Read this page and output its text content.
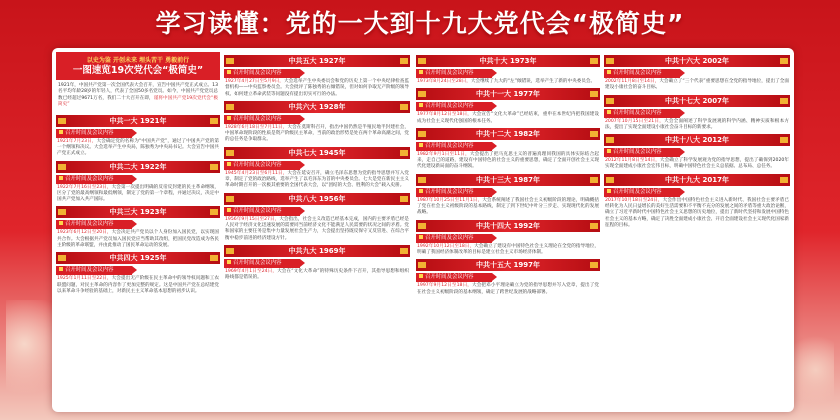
学习读懂：党的一大到十九大党代会“极简史”
以史为鉴 开创未来 埋头苦干 勇毅前行
一图速览19次党代会“极简史”
1921年，中国共产党第一次全国代表大会召开，宣告中国共产党正式成立。13名平均年龄28岁的年轻人，代表了全国50多名党员。如今，中国共产党党员总数已经超过9671万名，我们二十大召开在即，谨将中国共产党19次党代会“极简史”
中共一大 1921年
召开时间及会议内容
1921年7月23日，大会确定党的名称为“中国共产党”，通过了中国共产党的第一个纲领和决议。大会选举产生中央局，陈独秀为中央局书记。大会宣告中国共产党正式成立。
中共二大 1922年
召开时间及会议内容
1922年7月16日至23日，大会第一次提出明确的反帝反封建的民主革命纲领，区分了党的最高纲领和最低纲领，制定了党的第一个章程，并通过决议，决定中国共产党加入共产国际。
中共三大 1923年
召开时间及会议内容
1923年6月12日至20日，大会决定共产党员以个人身份加入国民党，以实现国共合作。大会根据共产党员加入国民党应当帮助其改组，把国民党改造成为各民主阶级的革命联盟，并由此推动了国民革命运动的发展。
中共四大 1925年
召开时间及会议内容
1925年1月11日至22日，大会提出无产阶级在民主革命中的领导权问题和工农联盟问题，对民主革命的内容作了更加完整的规定。这是中国共产党在总结建党以来革命斗争经验的基础上，对新民主主义革命基本思想的初步认识。
中共五大 1927年
召开时间及会议内容
1927年4月27日至5月9日，大会选举产生中央委员会和党的历史上第一个中央纪律检查监督机构——中央监察委员会。大会批评了陈独秀的右倾错误，但对如何争取无产阶级的领导权、如何建立革命武装等问题没有提出切实可行的办法。
中共六大 1928年
召开时间及会议内容
1928年6月18日至7月11日，大会在莫斯科召开，指出中国仍然是半殖民地半封建社会，中国革命现阶段的性质是资产阶级民主革命，当前的政治形势是处在两个革命高潮之间，党的总任务是争取群众。
中共七大 1945年
召开时间及会议内容
1945年4月23日至6月11日，大会在延安召开，确立毛泽东思想为党的指导思想并写入党章，制定了党的政治路线，选举产生了以毛泽东为首的中央委员会。七大是党在新民主主义革命时期召开的一次极其重要的全国代表大会，以“团结的大会、胜利的大会”载入史册。
中共八大 1956年
召开时间及会议内容
1956年9月15日至27日，大会指出，社会主义改造已经基本完成，国内的主要矛盾已经是人民对于经济文化迅速发展的需要同当前经济文化不能满足人民需要的状况之间的矛盾。党和国家的主要任务是集中力量发展社会生产力，大会提出坚持既反保守又反冒进、在综合平衡中稳步前进的经济建设方针。
中共九大 1969年
召开时间及会议内容
1969年4月1日至24日，大会在“文化大革命”的特殊历史条件下召开，其指导思想和组织路线都是错误的。
中共十大 1973年
召开时间及会议内容
1973年8月24日至28日，大会继续了九大的“左”倾错误，选举产生了新的中央委员会。
中共十一大 1977年
召开时间及会议内容
1977年8月12日至18日，大会宣告“文化大革命”已经结束，重申在本世纪内把我国建设成为社会主义现代化强国的根本任务。
中共十二大 1982年
召开时间及会议内容
1982年9月1日至11日，大会提出了把马克思主义的普遍真理同我国的具体实际结合起来，走自己的道路，建设有中国特色的社会主义的重要思想，确定了全面开创社会主义现代化建设新局面的奋斗纲领。
中共十三大 1987年
召开时间及会议内容
1987年10月25日至11月1日，大会系统阐述了我国社会主义初级阶段的理论，明确概括了党在社会主义初级阶段的基本路线，制定了到下世纪中叶分三步走、实现现代化的发展战略。
中共十四大 1992年
召开时间及会议内容
1992年10月12日至18日，大会确立了建设有中国特色社会主义理论在全党的指导地位，明确了我国经济体制改革的目标是建立社会主义市场经济体制。
中共十五大 1997年
召开时间及会议内容
1997年9月12日至18日，大会把邓小平理论确立为党的指导思想并写入党章，提出了党在社会主义初级阶段的基本纲领，确定了跨世纪发展的战略部署。
中共十六大 2002年
召开时间及会议内容
2002年11月8日至14日，大会确立了“三个代表”重要思想在全党的指导地位，提出了全面建设小康社会的奋斗目标。
中共十七大 2007年
召开时间及会议内容
2007年10月15日至21日，大会全面阐述了科学发展观的科学内涵、精神实质和根本方法，提出了实现全面建设小康社会奋斗目标的新要求。
中共十八大 2012年
召开时间及会议内容
2012年11月8日至14日，大会确立了科学发展观为党的指导思想，提出了确保到2020年实现全面建成小康社会宏伟目标，明确中国特色社会主义总依据、总布局、总任务。
中共十九大 2017年
召开时间及会议内容
2017年10月18日至24日，大会作出中国特色社会主义进入新时代、我国社会主要矛盾已经转化为人民日益增长的美好生活需要和不平衡不充分的发展之间的矛盾等重大政治论断，确立了习近平新时代中国特色社会主义思想的历史地位，提出了新时代坚持和发展中国特色社会主义的基本方略，确定了决胜全面建成小康社会、开启全面建设社会主义现代化国家新征程的目标。
